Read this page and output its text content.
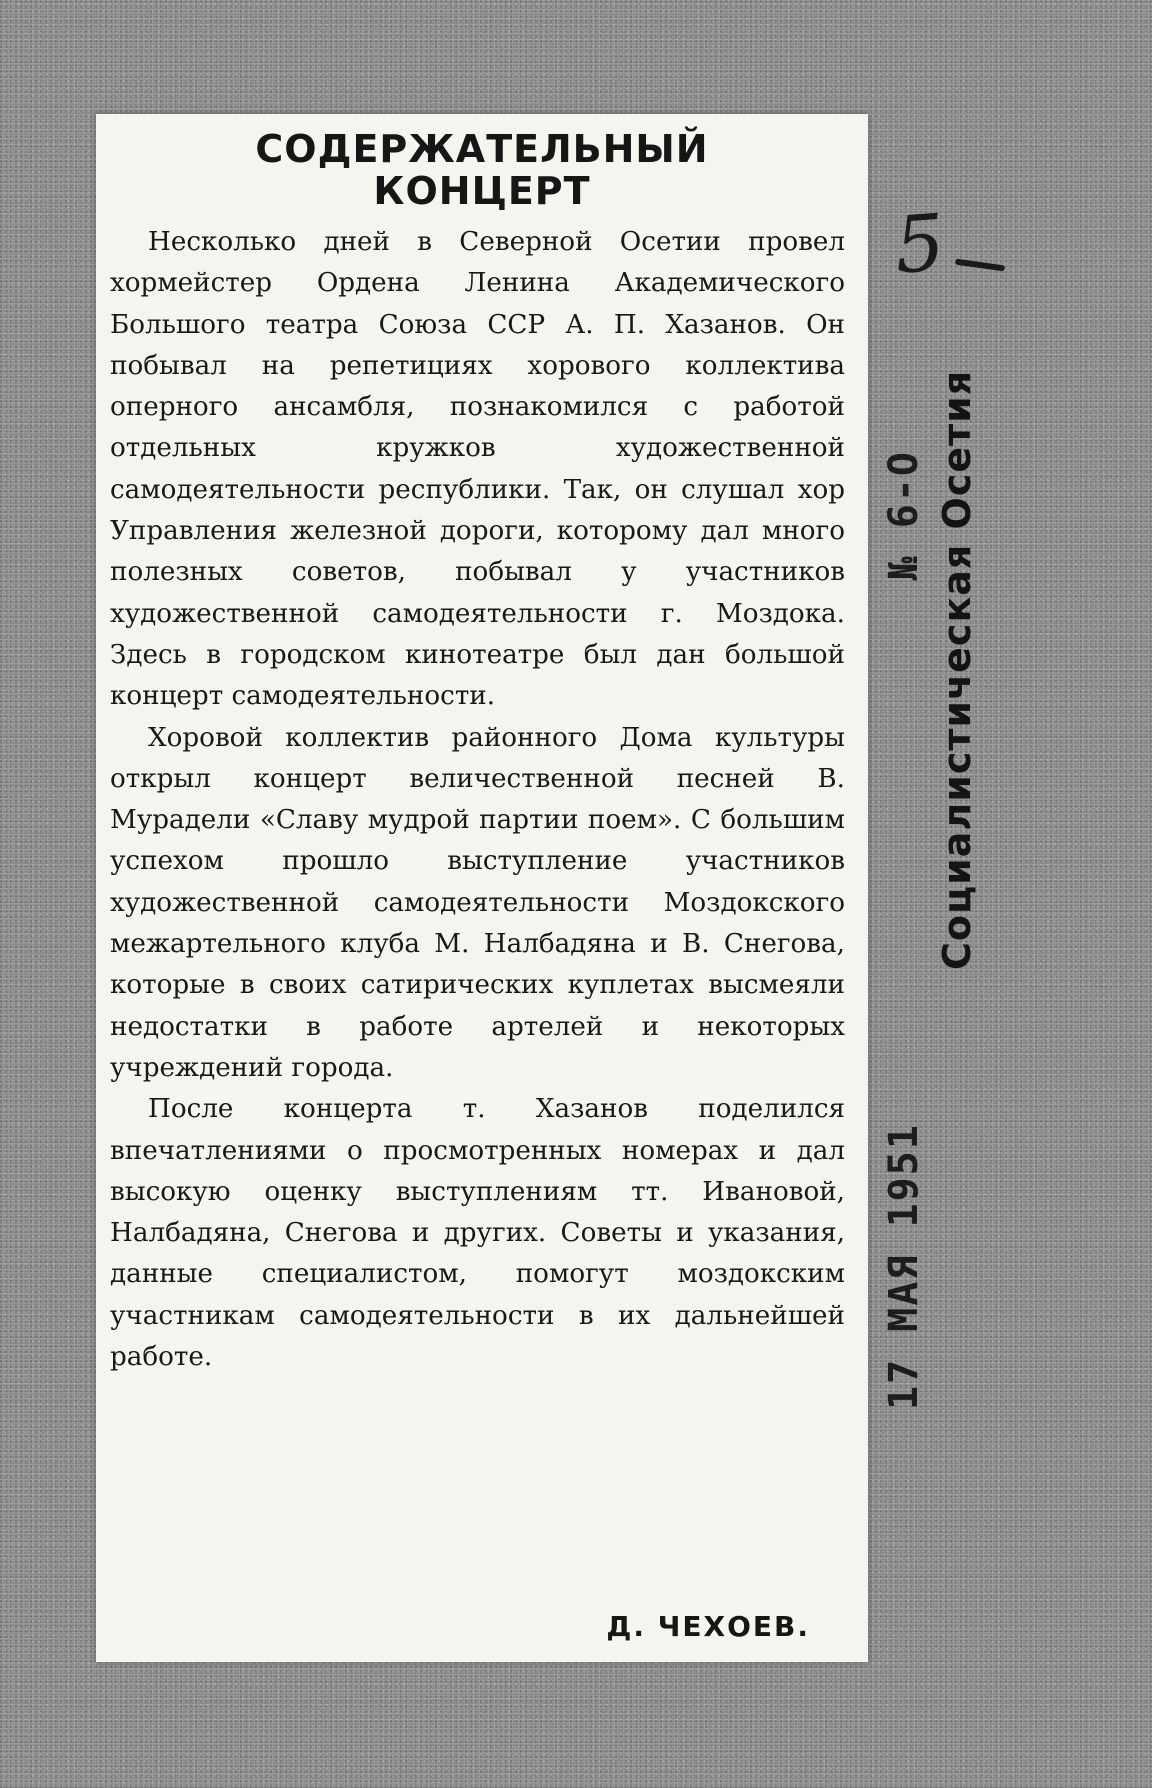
СОДЕРЖАТЕЛЬНЫЙ
КОНЦЕРТ

Несколько дней в Северной Осетии провел хормейстер Ордена Ленина Академического Большого театра Союза ССР А. П. Хазанов. Он побывал на репетициях хорового коллектива оперного ансамбля, познакомился с работой отдельных кружков художественной самодеятельности республики. Так, он слушал хор Управления железной дороги, которому дал много полезных советов, побывал у участников художественной самодеятельности г. Моздока. Здесь в городском кинотеатре был дан большой концерт самодеятельности.

Хоровой коллектив районного Дома культуры открыл концерт величественной песней В. Мурадели «Славу мудрой партии поем». С большим успехом прошло выступление участников художественной самодеятельности Моздокского межартельного клуба М. Налбадяна и В. Снегова, которые в своих сатирических куплетах высмеяли недостатки в работе артелей и некоторых учреждений города.

После концерта т. Хазанов поделился впечатлениями о просмотренных номерах и дал высокую оценку выступлениям тт. Ивановой, Налбадяна, Снегова и других. Советы и указания, данные специалистом, помогут моздокским участникам самодеятельности в их дальнейшей работе.

Д. ЧЕХОЕВ.
5
17 МАЯ 1951
№ 6-O Социалистическая Осетия
